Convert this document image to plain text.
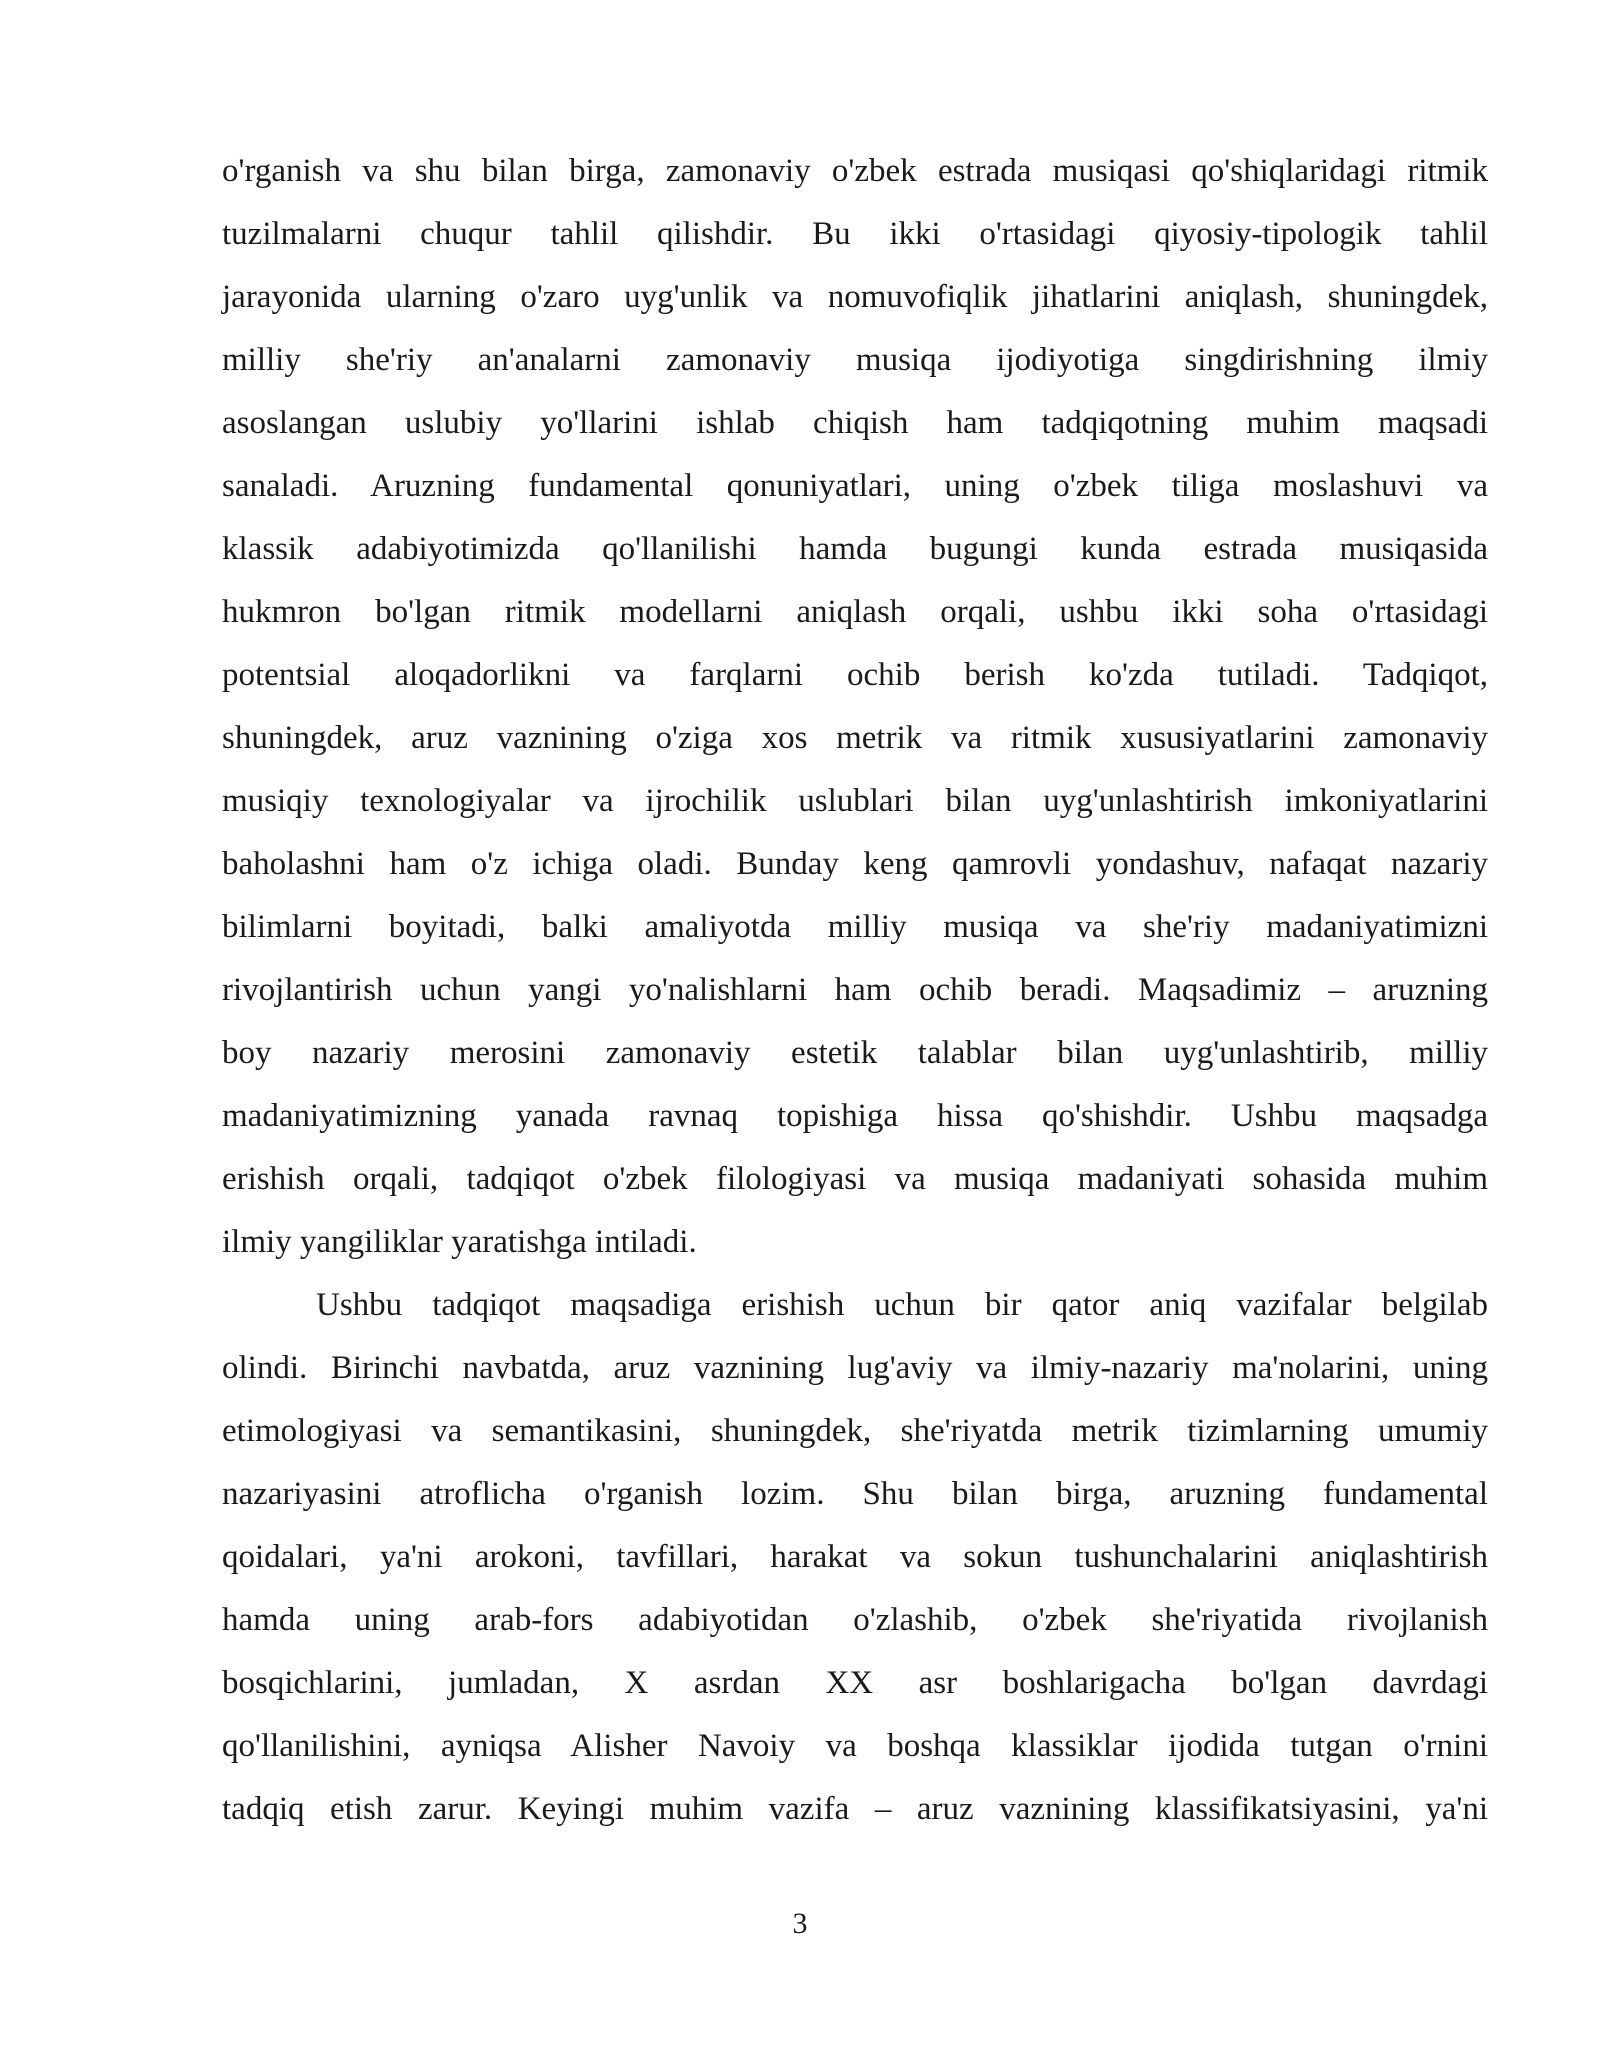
o'rganish va shu bilan birga, zamonaviy o'zbek estrada musiqasi qo'shiqlaridagi ritmik
tuzilmalarni chuqur tahlil qilishdir. Bu ikki o'rtasidagi qiyosiy-tipologik tahlil
jarayonida ularning o'zaro uyg'unlik va nomuvofiqlik jihatlarini aniqlash, shuningdek,
milliy she'riy an'analarni zamonaviy musiqa ijodiyotiga singdirishning ilmiy
asoslangan uslubiy yo'llarini ishlab chiqish ham tadqiqotning muhim maqsadi
sanaladi. Aruzning fundamental qonuniyatlari, uning o'zbek tiliga moslashuvi va
klassik adabiyotimizda qo'llanilishi hamda bugungi kunda estrada musiqasida
hukmron bo'lgan ritmik modellarni aniqlash orqali, ushbu ikki soha o'rtasidagi
potentsial aloqadorlikni va farqlarni ochib berish ko'zda tutiladi. Tadqiqot,
shuningdek, aruz vaznining o'ziga xos metrik va ritmik xususiyatlarini zamonaviy
musiqiy texnologiyalar va ijrochilik uslublari bilan uyg'unlashtirish imkoniyatlarini
baholashni ham o'z ichiga oladi. Bunday keng qamrovli yondashuv, nafaqat nazariy
bilimlarni boyitadi, balki amaliyotda milliy musiqa va she'riy madaniyatimizni
rivojlantirish uchun yangi yo'nalishlarni ham ochib beradi. Maqsadimiz – aruzning
boy nazariy merosini zamonaviy estetik talablar bilan uyg'unlashtirib, milliy
madaniyatimizning yanada ravnaq topishiga hissa qo'shishdir. Ushbu maqsadga
erishish orqali, tadqiqot o'zbek filologiyasi va musiqa madaniyati sohasida muhim
ilmiy yangiliklar yaratishga intiladi.
Ushbu tadqiqot maqsadiga erishish uchun bir qator aniq vazifalar belgilab
olindi. Birinchi navbatda, aruz vaznining lug'aviy va ilmiy-nazariy ma'nolarini, uning
etimologiyasi va semantikasini, shuningdek, she'riyatda metrik tizimlarning umumiy
nazariyasini atroflicha o'rganish lozim. Shu bilan birga, aruzning fundamental
qoidalari, ya'ni arokoni, tavfillari, harakat va sokun tushunchalarini aniqlashtirish
hamda uning arab-fors adabiyotidan o'zlashib, o'zbek she'riyatida rivojlanish
bosqichlarini, jumladan, X asrdan XX asr boshlarigacha bo'lgan davrdagi
qo'llanilishini, ayniqsa Alisher Navoiy va boshqa klassiklar ijodida tutgan o'rnini
tadqiq etish zarur. Keyingi muhim vazifa – aruz vaznining klassifikatsiyasini, ya'ni
3
